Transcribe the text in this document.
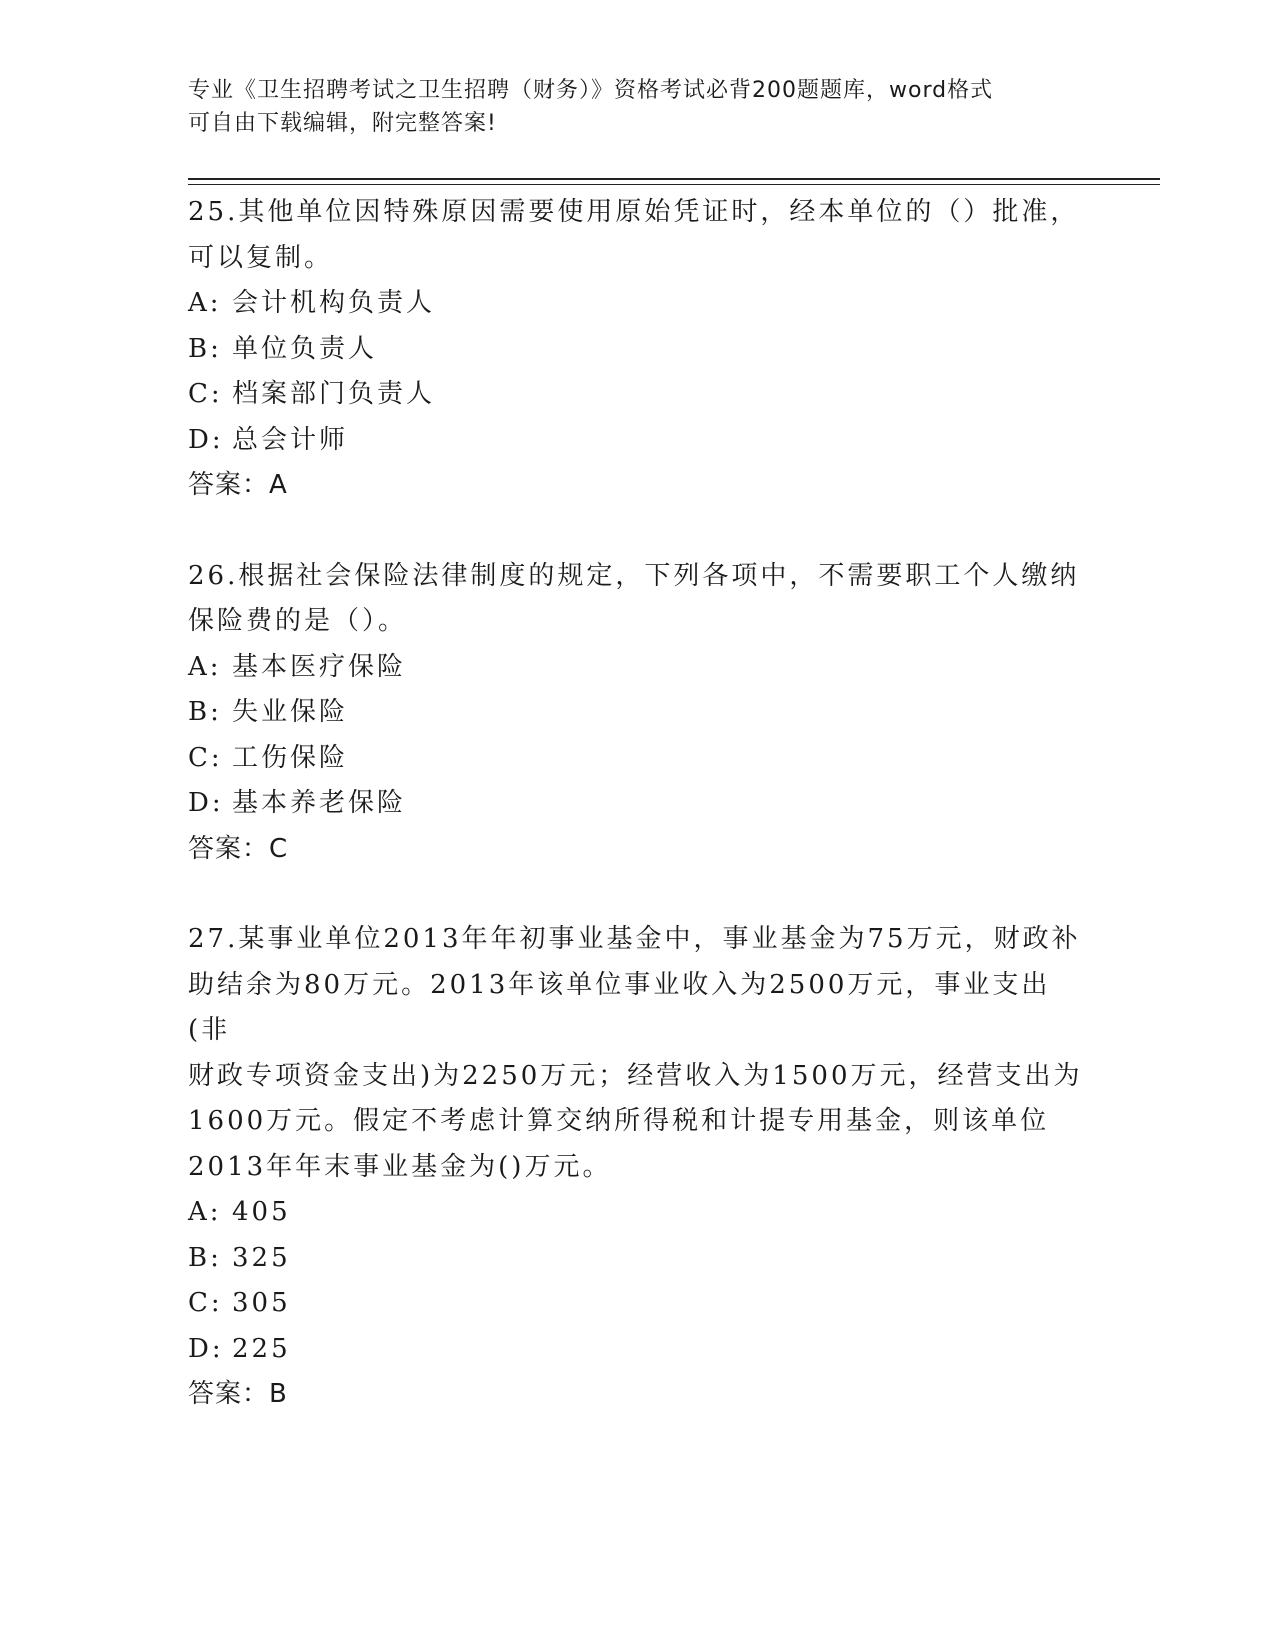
专业《卫生招聘考试之卫生招聘（财务）》资格考试必背200题题库，word格式
可自由下载编辑，附完整答案!
25.其他单位因特殊原因需要使用原始凭证时，经本单位的（）批准，
可以复制。
A: 会计机构负责人
B: 单位负责人
C: 档案部门负责人
D: 总会计师
答案：A
26.根据社会保险法律制度的规定，下列各项中，不需要职工个人缴纳
保险费的是（）。
A: 基本医疗保险
B: 失业保险
C: 工伤保险
D: 基本养老保险
答案：C
27.某事业单位2013年年初事业基金中，事业基金为75万元，财政补
助结余为80万元。2013年该单位事业收入为2500万元，事业支出(非
财政专项资金支出)为2250万元；经营收入为1500万元，经营支出为
1600万元。假定不考虑计算交纳所得税和计提专用基金，则该单位
2013年年末事业基金为()万元。
A: 405
B: 325
C: 305
D: 225
答案：B
